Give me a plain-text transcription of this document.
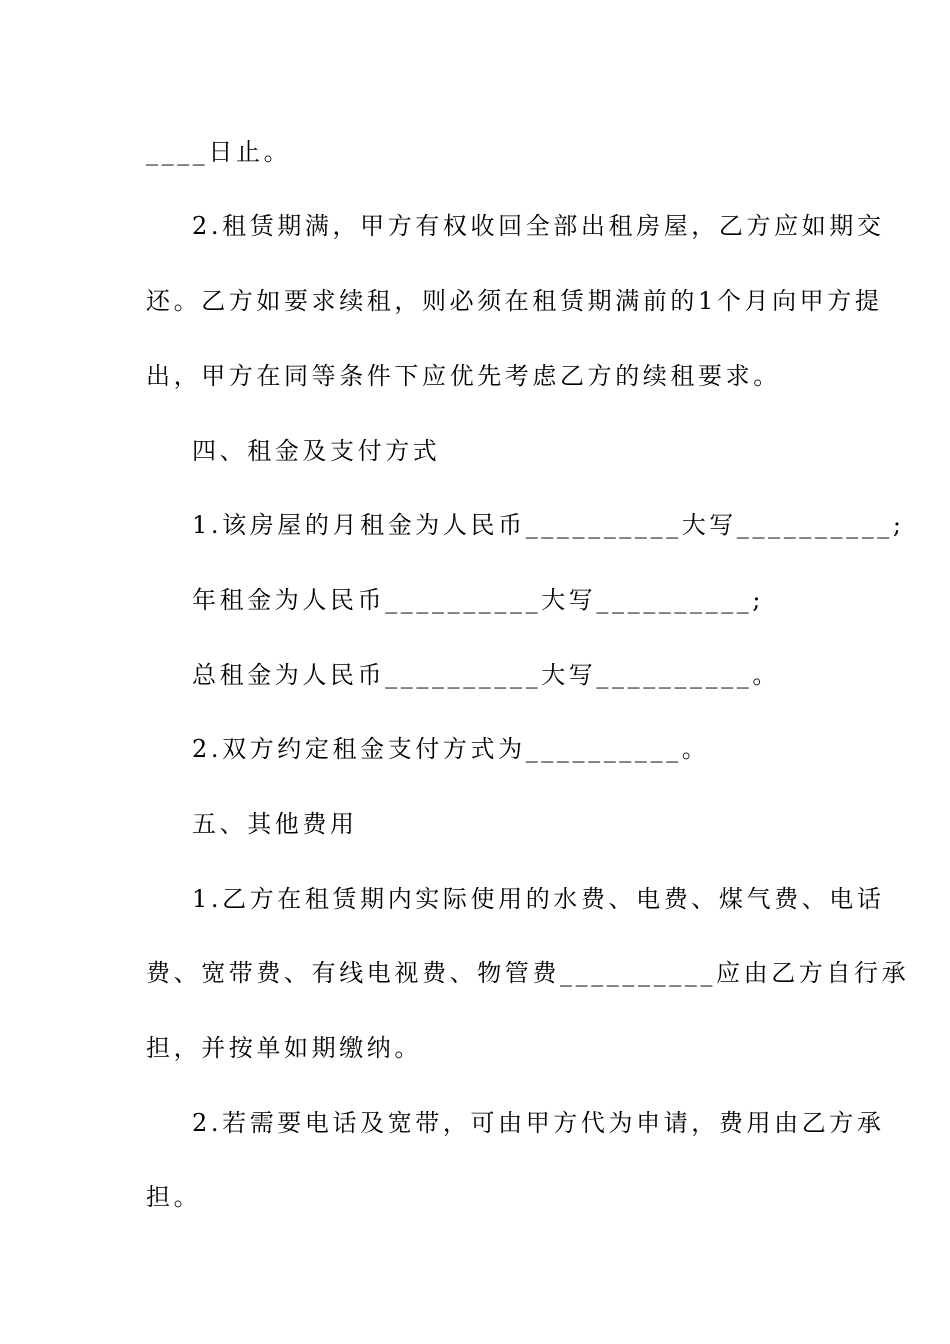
____日止。
2.租赁期满，甲方有权收回全部出租房屋，乙方应如期交
还。乙方如要求续租，则必须在租赁期满前的1个月向甲方提
出，甲方在同等条件下应优先考虑乙方的续租要求。
四、租金及支付方式
1.该房屋的月租金为人民币__________大写__________;
年租金为人民币__________大写__________;
总租金为人民币__________大写__________。
2.双方约定租金支付方式为__________。
五、其他费用
1.乙方在租赁期内实际使用的水费、电费、煤气费、电话
费、宽带费、有线电视费、物管费__________应由乙方自行承
担，并按单如期缴纳。
2.若需要电话及宽带，可由甲方代为申请，费用由乙方承
担。
